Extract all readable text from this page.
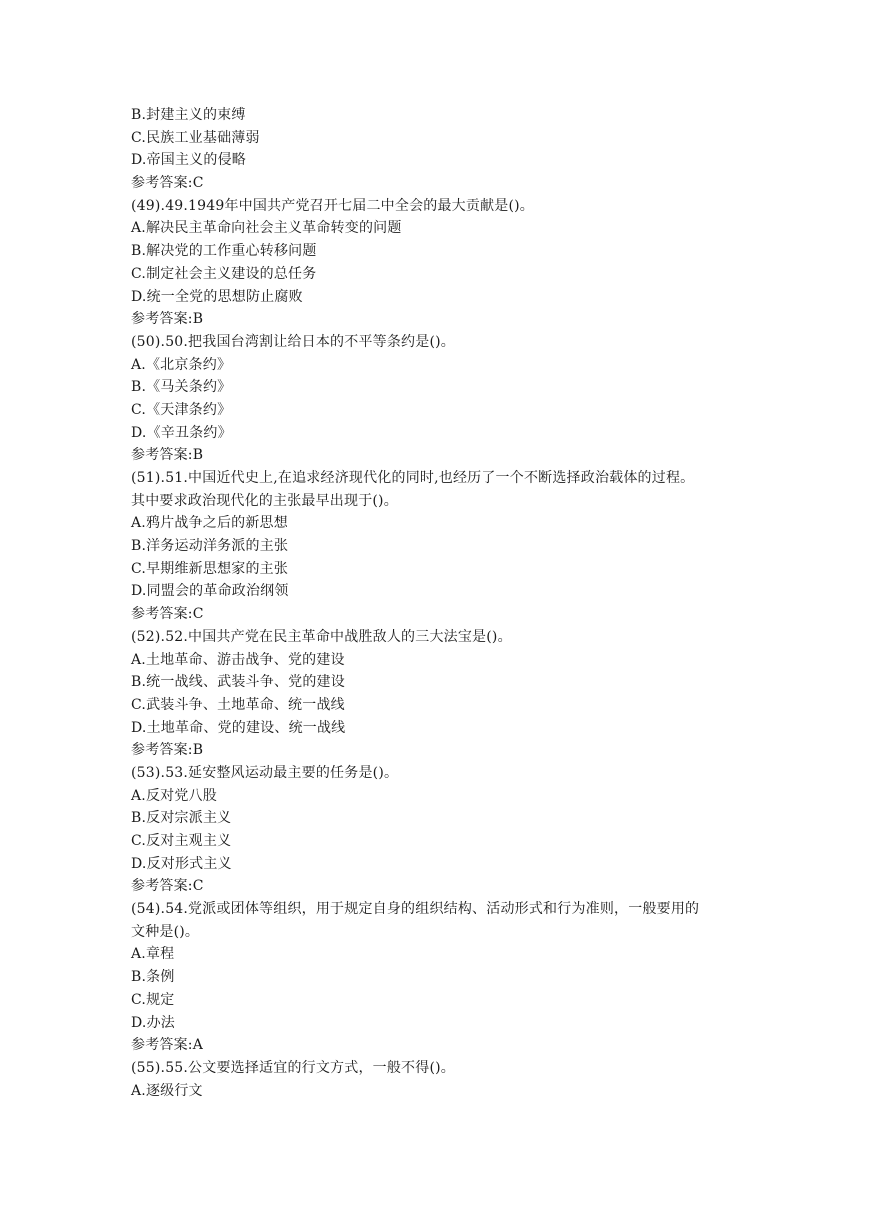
B.封建主义的束缚
C.民族工业基础薄弱
D.帝国主义的侵略
参考答案:C
(49).49.1949年中国共产党召开七届二中全会的最大贡献是()。
A.解决民主革命向社会主义革命转变的问题
B.解决党的工作重心转移问题
C.制定社会主义建设的总任务
D.统一全党的思想防止腐败
参考答案:B
(50).50.把我国台湾割让给日本的不平等条约是()。
A.《北京条约》
B.《马关条约》
C.《天津条约》
D.《辛丑条约》
参考答案:B
(51).51.中国近代史上,在追求经济现代化的同时,也经历了一个不断选择政治载体的过程。
其中要求政治现代化的主张最早出现于()。
A.鸦片战争之后的新思想
B.洋务运动洋务派的主张
C.早期维新思想家的主张
D.同盟会的革命政治纲领
参考答案:C
(52).52.中国共产党在民主革命中战胜敌人的三大法宝是()。
A.土地革命、游击战争、党的建设
B.统一战线、武装斗争、党的建设
C.武装斗争、土地革命、统一战线
D.土地革命、党的建设、统一战线
参考答案:B
(53).53.延安整风运动最主要的任务是()。
A.反对党八股
B.反对宗派主义
C.反对主观主义
D.反对形式主义
参考答案:C
(54).54.党派或团体等组织，用于规定自身的组织结构、活动形式和行为准则，一般要用的
文种是()。
A.章程
B.条例
C.规定
D.办法
参考答案:A
(55).55.公文要选择适宜的行文方式，一般不得()。
A.逐级行文
